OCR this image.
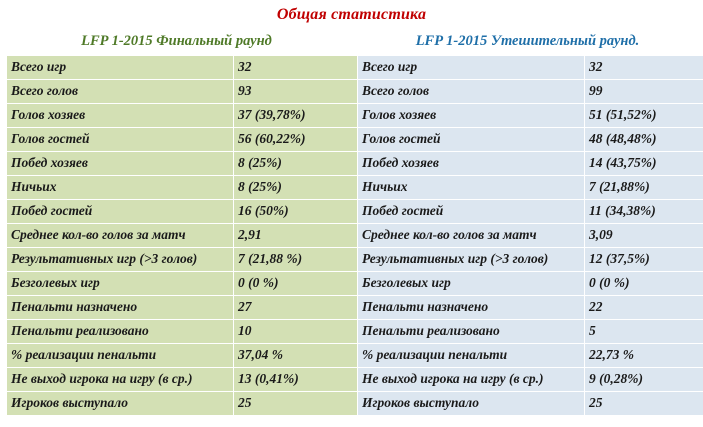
Общая статистика
LFP 1-2015 Финальный раунд
Всего игр	32
Всего голов	93
Голов хозяев	37 (39,78%)
Голов гостей	56 (60,22%)
Побед хозяев	8 (25%)
Ничьих	8 (25%)
Побед гостей	16 (50%)
Среднее кол-во голов за матч	2,91
Результативных игр (>3 голов)	7 (21,88 %)
Безголевых игр	0 (0 %)
Пенальти назначено	27
Пенальти реализовано	10
% реализации пенальти	37,04 %
Не выход игрока на игру (в ср.)	13 (0,41%)
Игроков выступало	25
LFP 1-2015 Утешительный раунд.
Всего игр	32
Всего голов	99
Голов хозяев	51 (51,52%)
Голов гостей	48 (48,48%)
Побед хозяев	14 (43,75%)
Ничьих	7 (21,88%)
Побед гостей	11 (34,38%)
Среднее кол-во голов за матч	3,09
Результативных игр (>3 голов)	12 (37,5%)
Безголевых игр	0 (0 %)
Пенальти назначено	22
Пенальти реализовано	5
% реализации пенальти	22,73 %
Не выход игрока на игру (в ср.)	9 (0,28%)
Игроков выступало	25
